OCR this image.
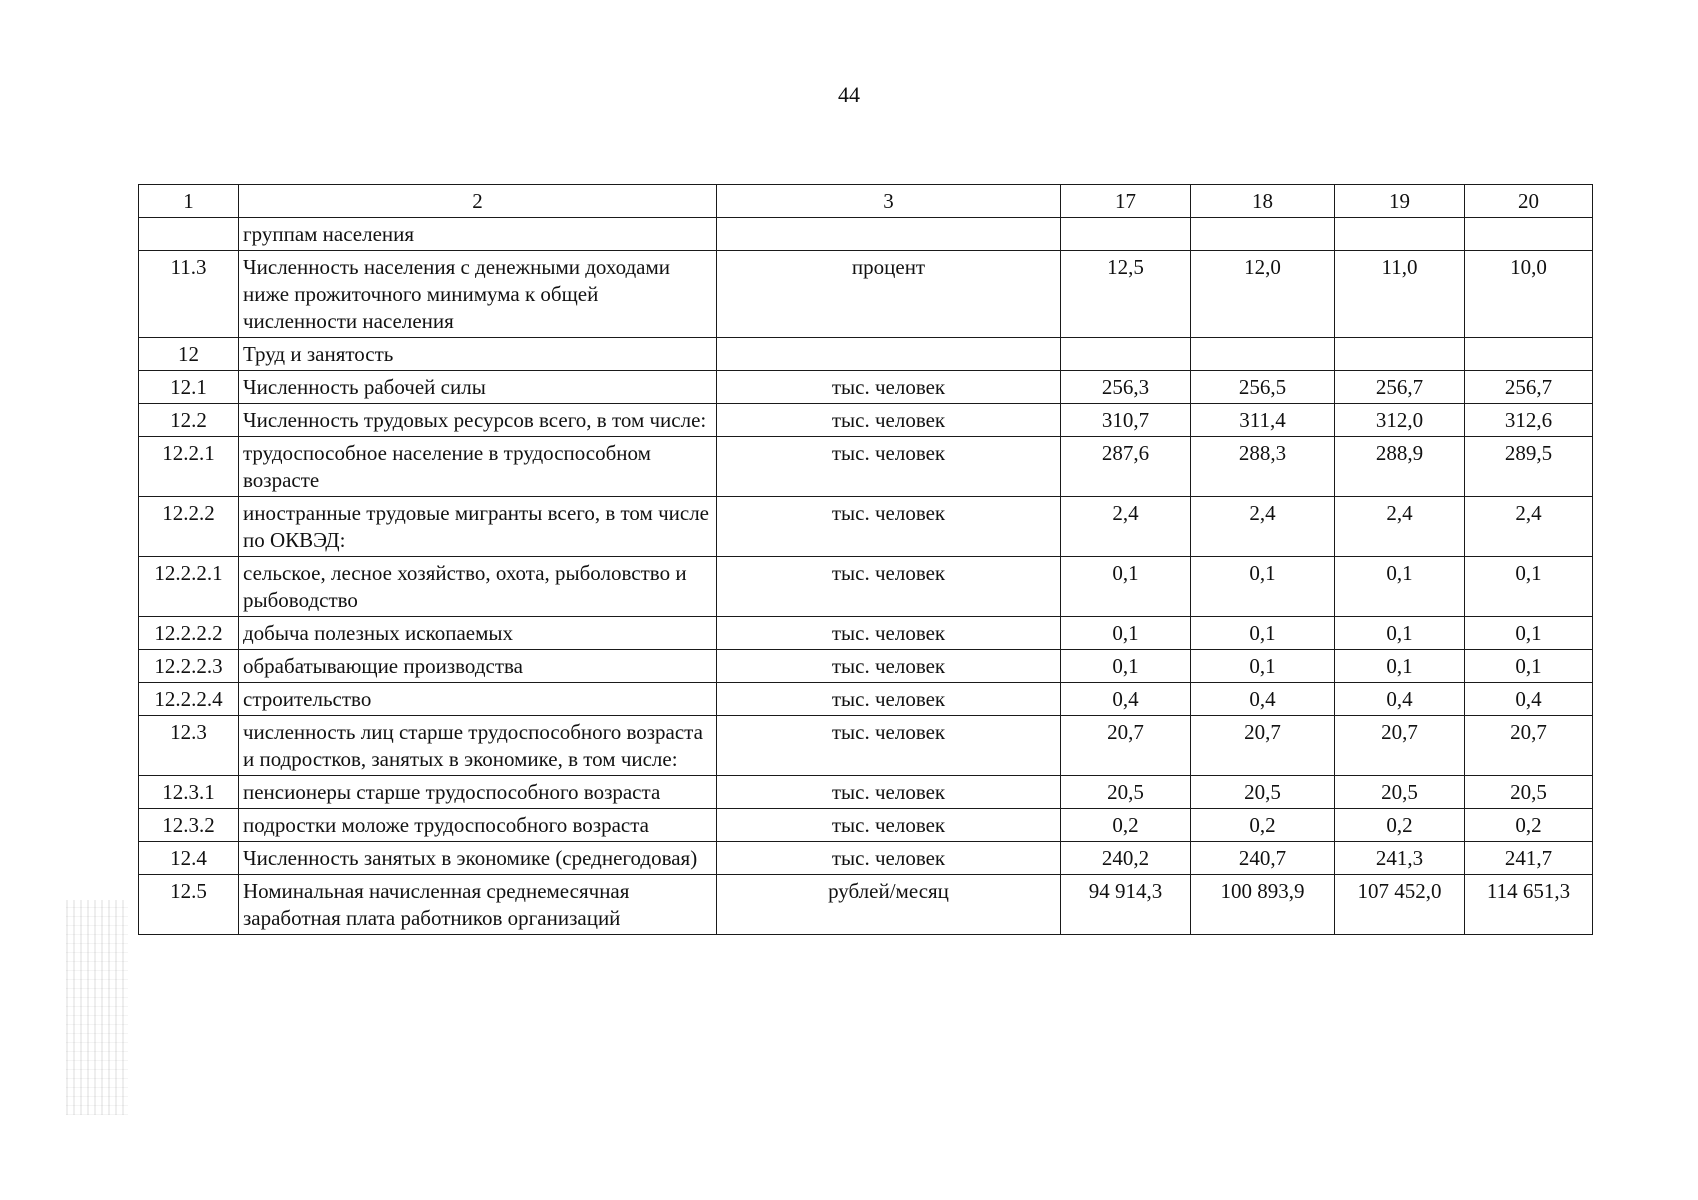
44
1	2	3	17	18	19	20
	группам населения					
11.3	Численность населения с денежными доходами ниже прожиточного минимума к общей численности населения	процент	12,5	12,0	11,0	10,0
12	Труд и занятость					
12.1	Численность рабочей силы	тыс. человек	256,3	256,5	256,7	256,7
12.2	Численность трудовых ресурсов всего, в том числе:	тыс. человек	310,7	311,4	312,0	312,6
12.2.1	трудоспособное население в трудоспособном возрасте	тыс. человек	287,6	288,3	288,9	289,5
12.2.2	иностранные трудовые мигранты всего, в том числе по ОКВЭД:	тыс. человек	2,4	2,4	2,4	2,4
12.2.2.1	сельское, лесное хозяйство, охота, рыболовство и рыбоводство	тыс. человек	0,1	0,1	0,1	0,1
12.2.2.2	добыча полезных ископаемых	тыс. человек	0,1	0,1	0,1	0,1
12.2.2.3	обрабатывающие производства	тыс. человек	0,1	0,1	0,1	0,1
12.2.2.4	строительство	тыс. человек	0,4	0,4	0,4	0,4
12.3	численность лиц старше трудоспособного возраста и подростков, занятых в экономике, в том числе:	тыс. человек	20,7	20,7	20,7	20,7
12.3.1	пенсионеры старше трудоспособного возраста	тыс. человек	20,5	20,5	20,5	20,5
12.3.2	подростки моложе трудоспособного возраста	тыс. человек	0,2	0,2	0,2	0,2
12.4	Численность занятых в экономике (среднегодовая)	тыс. человек	240,2	240,7	241,3	241,7
12.5	Номинальная начисленная среднемесячная заработная плата работников организаций	рублей/месяц	94 914,3	100 893,9	107 452,0	114 651,3
